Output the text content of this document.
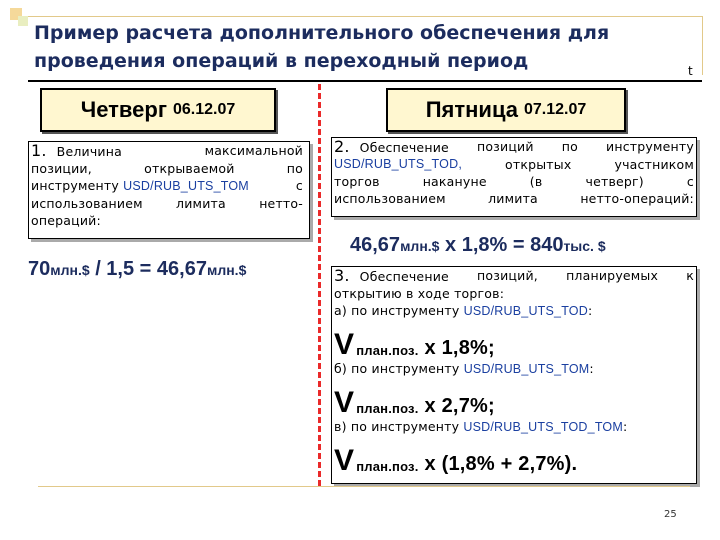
Пример расчета дополнительного обеспечения для
проведения операций в переходный период	t
Четверг 06.12.07	Пятница 07.12.07
1. Величина	максимальной
позиции,	открываемой	по
инструменту USD/RUB_UTS_TOM	с
использованием	лимита	нетто-
операций:
70млн.$ / 1,5 = 46,67млн.$
2. Обеспечение позиций по инструменту
USD/RUB_UTS_TOD,	открытых	участником
торгов	накануне	(в	четверг)	с
использованием	лимита	нетто-операций:
46,67млн.$ х 1,8% = 840тыс. $
3. Обеспечение позиций, планируемых к
открытию в ходе торгов:
а) по инструменту USD/RUB_UTS_TOD:
V план.поз. х 1,8%;
б) по инструменту USD/RUB_UTS_TOM:
V план.поз. х 2,7%;
в) по инструменту USD/RUB_UTS_TOD_TOM:
V план.поз. х (1,8% + 2,7%).
25
